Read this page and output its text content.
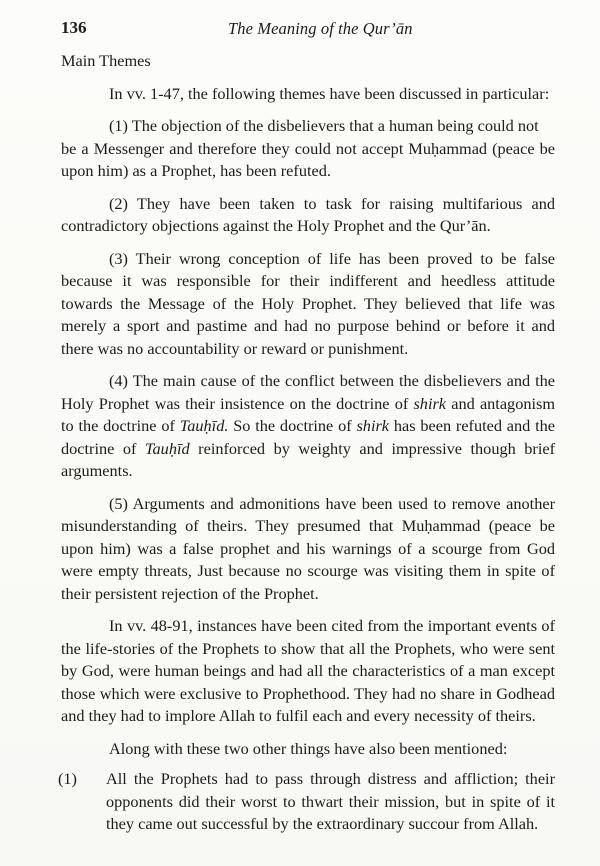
136	The Meaning of the Qur’ān
Main Themes

In vv. 1-47, the following themes have been discussed in particular:

(1) The objection of the disbelievers that a human being could not
be a Messenger and therefore they could not accept Muḥammad (peace be upon him) as a Prophet, has been refuted.

(2) They have been taken to task for raising multifarious and contradictory objections against the Holy Prophet and the Qur’ān.

(3) Their wrong conception of life has been proved to be false because it was responsible for their indifferent and heedless attitude towards the Message of the Holy Prophet. They believed that life was merely a sport and pastime and had no purpose behind or before it and there was no accountability or reward or punishment.

(4) The main cause of the conflict between the disbelievers and the Holy Prophet was their insistence on the doctrine of shirk and antagonism to the doctrine of Tauḥīd. So the doctrine of shirk has been refuted and the doctrine of Tauḥīd reinforced by weighty and impressive though brief arguments.

(5) Arguments and admonitions have been used to remove another misunderstanding of theirs. They presumed that Muḥammad (peace be upon him) was a false prophet and his warnings of a scourge from God were empty threats, Just because no scourge was visiting them in spite of their persistent rejection of the Prophet.

In vv. 48-91, instances have been cited from the important events of the life-stories of the Prophets to show that all the Prophets, who were sent by God, were human beings and had all the characteristics of a man except those which were exclusive to Prophethood. They had no share in Godhead and they had to implore Allah to fulfil each and every necessity of theirs.

Along with these two other things have also been mentioned:

(1) All the Prophets had to pass through distress and affliction; their opponents did their worst to thwart their mission, but in spite of it they came out successful by the extraordinary succour from Allah.
